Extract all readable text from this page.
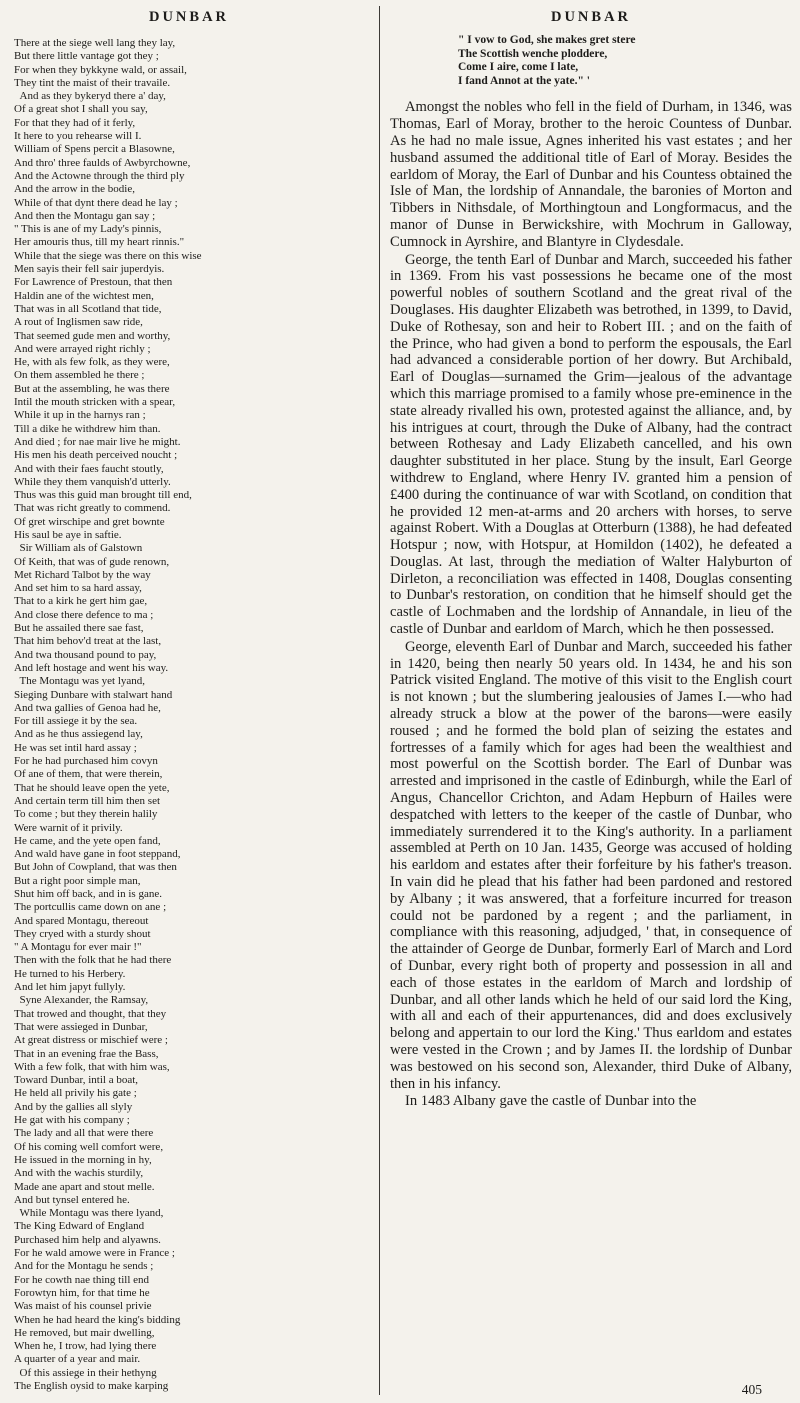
DUNBAR
There at the siege well lang they lay,
But there little vantage got they ;
For when they bykkyne wald, or assail,
They tint the maist of their travaile.
And as they bykeryd there a' day,
Of a great shot I shall you say,
For that they had of it ferly,
It here to you rehearse will I.
William of Spens percit a Blasowne,
And thro' three faulds of Awbyrchowne,
And the Actowne through the third ply
And the arrow in the bodie,
While of that dynt there dead he lay ;
And then the Montagu gan say ;
" This is ane of my Lady's pinnis,
Her amouris thus, till my heart rinnis."
While that the siege was there on this wise
Men sayis their fell sair juperdyis.
For Lawrence of Prestoun, that then
Haldin ane of the wichtest men,
That was in all Scotland that tide,
A rout of Inglismen saw ride,
That seemed gude men and worthy,
And were arrayed right richly ;
He, with als few folk, as they were,
On them assembled he there ;
But at the assembling, he was there
Intil the mouth stricken with a spear,
While it up in the harnys ran ;
Till a dike he withdrew him than.
And died ; for nae mair live he might.
His men his death perceived noucht ;
And with their faes faucht stoutly,
While they them vanquish'd utterly.
Thus was this guid man brought till end,
That was richt greatly to commend.
Of gret wirschipe and gret bownte
His saul be aye in saftie.
Sir William als of Galstown
Of Keith, that was of gude renown,
Met Richard Talbot by the way
And set him to sa hard assay,
That to a kirk he gert him gae,
And close there defence to ma ;
But he assailed there sae fast,
That him behov'd treat at the last,
And twa thousand pound to pay,
And left hostage and went his way.
The Montagu was yet lyand,
Sieging Dunbare with stalwart hand
And twa gallies of Genoa had he,
For till assiege it by the sea.
And as he thus assiegend lay,
He was set intil hard assay ;
For he had purchased him covyn
Of ane of them, that were therein,
That he should leave open the yete,
And certain term till him then set
To come ; but they therein halily
Were warnit of it privily.
He came, and the yete open fand,
And wald have gane in foot steppand,
But John of Cowpland, that was then
But a right poor simple man,
Shut him off back, and in is gane.
The portcullis came down on ane ;
And spared Montagu, thereout
They cryed with a sturdy shout
" A Montagu for ever mair !"
Then with the folk that he had there
He turned to his Herbery.
And let him japyt fullyly.
Syne Alexander, the Ramsay,
That trowed and thought, that they
That were assieged in Dunbar,
At great distress or mischief were ;
That in an evening frae the Bass,
With a few folk, that with him was,
Toward Dunbar, intil a boat,
He held all privily his gate ;
And by the gallies all slyly
He gat with his company ;
The lady and all that were there
Of his coming well comfort were,
He issued in the morning in hy,
And with the wachis sturdily,
Made ane apart and stout melle.
And but tynsel entered he.
While Montagu was there lyand,
The King Edward of England
Purchased him help and alyawns.
For he wald amowe were in France ;
And for the Montagu he sends ;
For he cowth nae thing till end
Forowtyn him, for that time he
Was maist of his counsel privie
When he had heard the king's bidding
He removed, but mair dwelling,
When he, I trow, had lying there
A quarter of a year and mair.
Of this assiege in their hethyng
The English oysid to make karping
DUNBAR
" I vow to God, she makes gret stere
The Scottish wenche ploddere,
Come I aire, come I late,
I fand Annot at the yate." '

Amongst the nobles who fell in the field of Durham, in 1346, was Thomas, Earl of Moray, brother to the heroic Countess of Dunbar. As he had no male issue, Agnes inherited his vast estates ; and her husband assumed the additional title of Earl of Moray. Besides the earldom of Moray, the Earl of Dunbar and his Countess obtained the Isle of Man, the lordship of Annandale, the baronies of Morton and Tibbers in Nithsdale, of Morthingtoun and Longformacus, and the manor of Dunse in Berwickshire, with Mochrum in Galloway, Cumnock in Ayrshire, and Blantyre in Clydesdale.

George, the tenth Earl of Dunbar and March, succeeded his father in 1369. From his vast possessions he became one of the most powerful nobles of southern Scotland and the great rival of the Douglases. His daughter Elizabeth was betrothed, in 1399, to David, Duke of Rothesay, son and heir to Robert III. ; and on the faith of the Prince, who had given a bond to perform the espousals, the Earl had advanced a considerable portion of her dowry. But Archibald, Earl of Douglas—surnamed the Grim—jealous of the advantage which this marriage promised to a family whose pre-eminence in the state already rivalled his own, protested against the alliance, and, by his intrigues at court, through the Duke of Albany, had the contract between Rothesay and Lady Elizabeth cancelled, and his own daughter substituted in her place. Stung by the insult, Earl George withdrew to England, where Henry IV. granted him a pension of £400 during the continuance of war with Scotland, on condition that he provided 12 men-at-arms and 20 archers with horses, to serve against Robert. With a Douglas at Otterburn (1388), he had defeated Hotspur ; now, with Hotspur, at Homildon (1402), he defeated a Douglas. At last, through the mediation of Walter Halyburton of Dirleton, a reconciliation was effected in 1408, Douglas consenting to Dunbar's restoration, on condition that he himself should get the castle of Lochmaben and the lordship of Annandale, in lieu of the castle of Dunbar and earldom of March, which he then possessed.

George, eleventh Earl of Dunbar and March, succeeded his father in 1420, being then nearly 50 years old. In 1434, he and his son Patrick visited England. The motive of this visit to the English court is not known ; but the slumbering jealousies of James I.—who had already struck a blow at the power of the barons—were easily roused ; and he formed the bold plan of seizing the estates and fortresses of a family which for ages had been the wealthiest and most powerful on the Scottish border. The Earl of Dunbar was arrested and imprisoned in the castle of Edinburgh, while the Earl of Angus, Chancellor Crichton, and Adam Hepburn of Hailes were despatched with letters to the keeper of the castle of Dunbar, who immediately surrendered it to the King's authority. In a parliament assembled at Perth on 10 Jan. 1435, George was accused of holding his earldom and estates after their forfeiture by his father's treason. In vain did he plead that his father had been pardoned and restored by Albany ; it was answered, that a forfeiture incurred for treason could not be pardoned by a regent ; and the parliament, in compliance with this reasoning, adjudged, ' that, in consequence of the attainder of George de Dunbar, formerly Earl of March and Lord of Dunbar, every right both of property and possession in all and each of those estates in the earldom of March and lordship of Dunbar, and all other lands which he held of our said lord the King, with all and each of their appurtenances, did and does exclusively belong and appertain to our lord the King.' Thus earldom and estates were vested in the Crown ; and by James II. the lordship of Dunbar was bestowed on his second son, Alexander, third Duke of Albany, then in his infancy.

In 1483 Albany gave the castle of Dunbar into the

405
